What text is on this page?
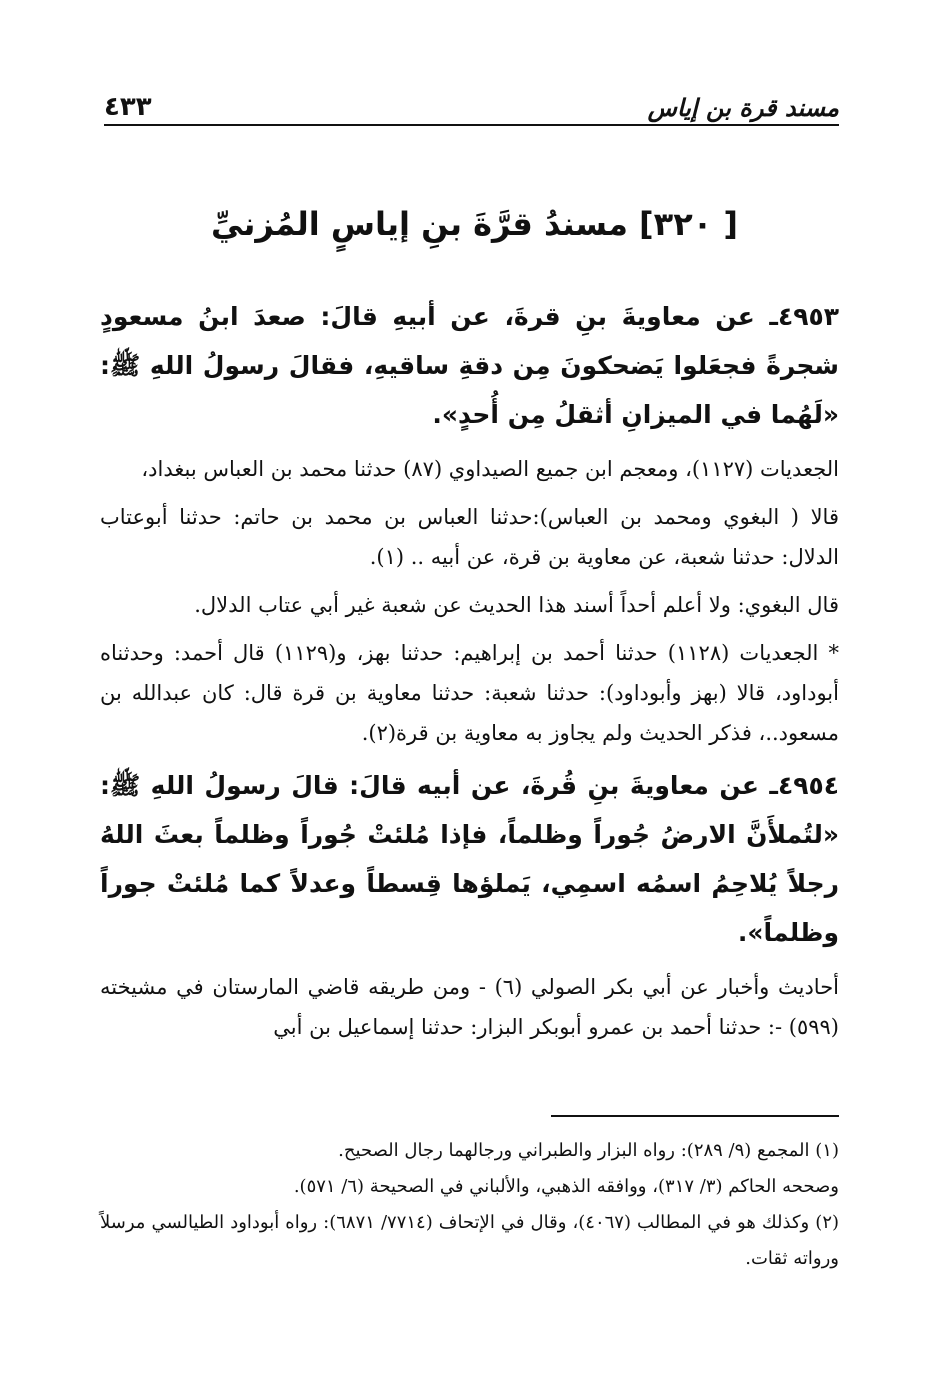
٤٣٣	مسند قرة بن إياس
[ ٣٢٠] مسندُ قرَّةَ بنِ إياسٍ المُزنيِّ

٤٩٥٣ـ عن معاويةَ بنِ قرةَ، عن أبيهِ قالَ: صعدَ ابنُ مسعودٍ شجرةً فجعَلوا يَضحكونَ مِن دقةِ ساقيهِ، فقالَ رسولُ اللهِ ﷺ: «لَهُما في الميزانِ أثقلُ مِن أُحدٍ».

الجعديات (١١٢٧)، ومعجم ابن جميع الصيداوي (٨٧) حدثنا محمد بن العباس ببغداد،

قالا ( البغوي ومحمد بن العباس):حدثنا العباس بن محمد بن حاتم: حدثنا أبوعتاب الدلال: حدثنا شعبة، عن معاوية بن قرة، عن أبيه .. (١).

قال البغوي: ولا أعلم أحداً أسند هذا الحديث عن شعبة غير أبي عتاب الدلال.

* الجعديات (١١٢٨) حدثنا أحمد بن إبراهيم: حدثنا بهز، و(١١٢٩) قال أحمد: وحدثناه أبوداود، قالا (بهز وأبوداود): حدثنا شعبة: حدثنا معاوية بن قرة قال: كان عبدالله بن مسعود..، فذكر الحديث ولم يجاوز به معاوية بن قرة(٢).

٤٩٥٤ـ عن معاويةَ بنِ قُرةَ، عن أبيه قالَ: قالَ رسولُ اللهِ ﷺ: «لتُملأَنَّ الارضُ جُوراً وظلماً، فإذا مُلئتْ جُوراً وظلماً بعثَ اللهُ رجلاً يُلاحِمُ اسمُه اسمِي، يَملؤها قِسطاً وعدلاً كما مُلئتْ جوراً وظلماً».

أحاديث وأخبار عن أبي بكر الصولي (٦) - ومن طريقه قاضي المارستان في مشيخته (٥٩٩) -: حدثنا أحمد بن عمرو أبوبكر البزار: حدثنا إسماعيل بن أبي

(١) المجمع (٩/ ٢٨٩): رواه البزار والطبراني ورجالهما رجال الصحيح.

وصححه الحاكم (٣/ ٣١٧)، ووافقه الذهبي، والألباني في الصحيحة (٦/ ٥٧١).

(٢) وكذلك هو في المطالب (٤٠٦٧)، وقال في الإتحاف (٧٧١٤/ ٦٨٧١): رواه أبوداود الطيالسي مرسلاً ورواته ثقات.
